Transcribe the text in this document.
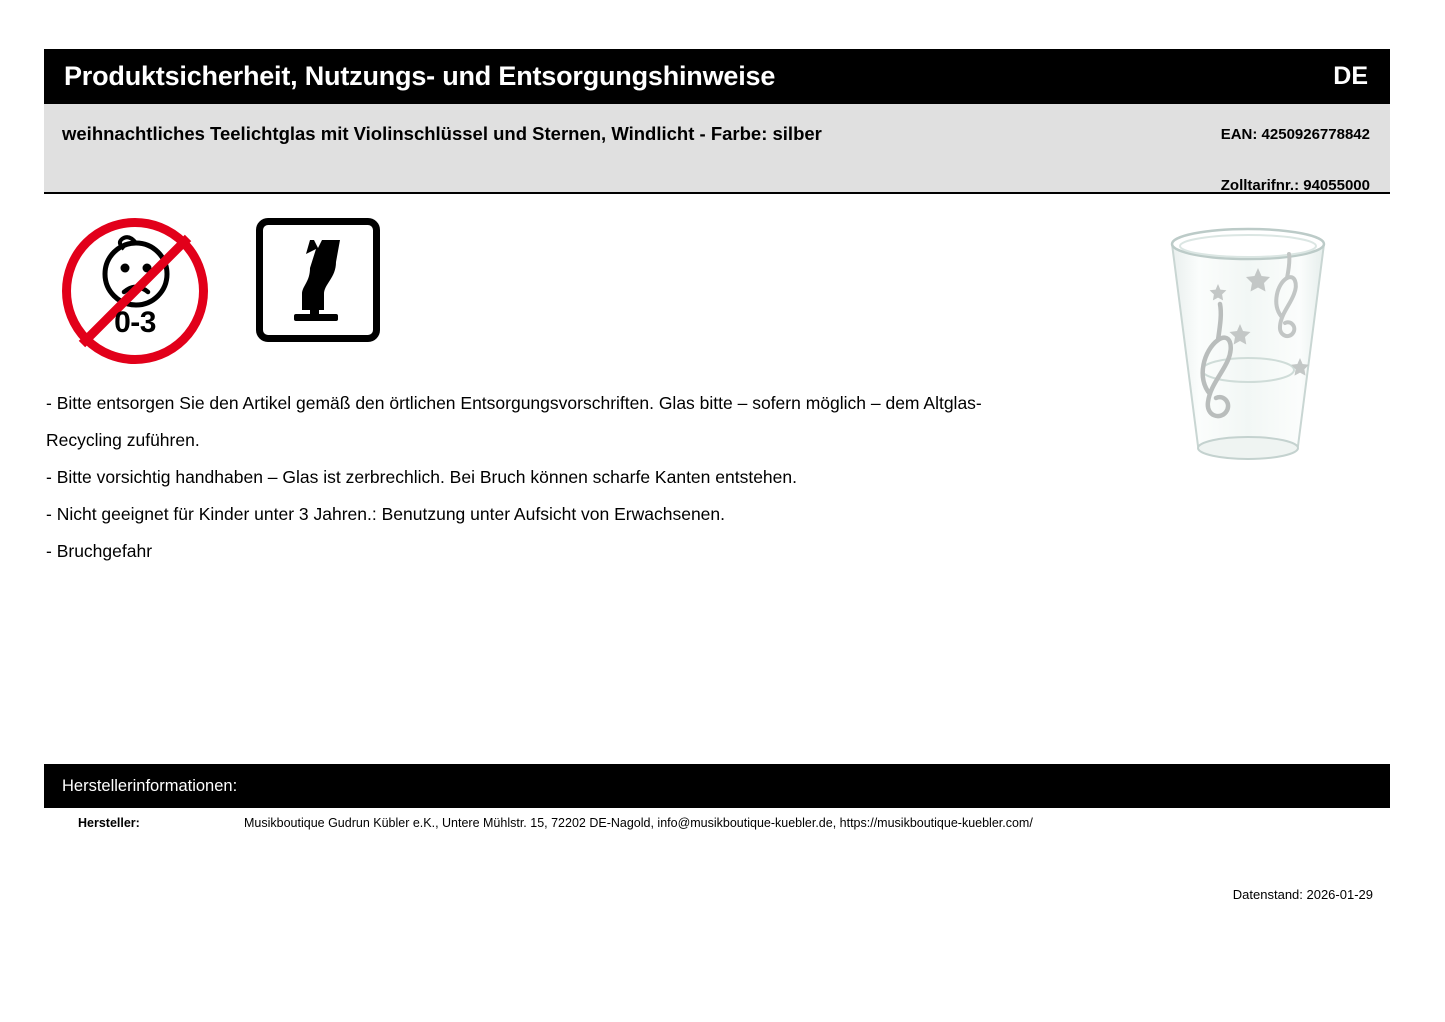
Produktsicherheit, Nutzungs- und Entsorgungshinweise	DE
weihnachtliches Teelichtglas mit Violinschlüssel und Sternen, Windlicht - Farbe: silber	EAN: 4250926778842
Zolltarifnr.: 94055000
0-3
- Bitte entsorgen Sie den Artikel gemäß den örtlichen Entsorgungsvorschriften. Glas bitte – sofern möglich – dem Altglas-Recycling zuführen.
- Bitte vorsichtig handhaben – Glas ist zerbrechlich. Bei Bruch können scharfe Kanten entstehen.
- Nicht geeignet für Kinder unter 3 Jahren.: Benutzung unter Aufsicht von Erwachsenen.
- Bruchgefahr
Herstellerinformationen:
Hersteller:	Musikboutique Gudrun Kübler e.K., Untere Mühlstr. 15, 72202 DE-Nagold, info@musikboutique-kuebler.de, https://musikboutique-kuebler.com/
Datenstand: 2026-01-29
